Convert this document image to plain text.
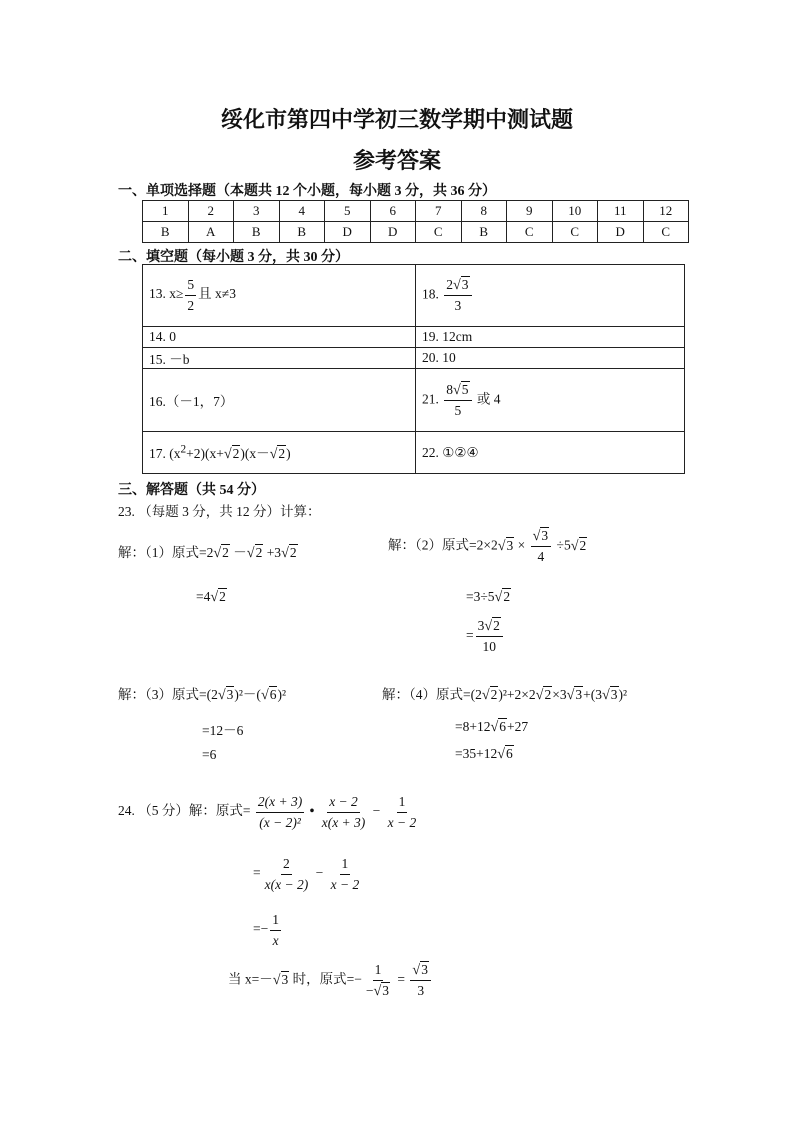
绥化市第四中学初三数学期中测试题
参考答案
一、单项选择题（本题共 12 个小题，每小题 3 分，共 36 分）
1	2	3	4	5	6	7	8	9	10	11	12
B	A	B	B	D	D	C	B	C	C	D	C
二、填空题（每小题 3 分，共 30 分）
13. $x\ge \frac{5}{2}$ 且 x≠3	18. $\frac{2√3}{3}$

14. 0	19. 12cm
15. －b	20. 10
16.（－1，7）	21. $\frac{8√5}{5}$ 或 4
17. $(x^2+2)(x+√2)(x-√2)$	22. ①②④
三、解答题（共 54 分）
23. （每题 3 分，共 12 分）计算：
解：（1）原式=2√2 －√2 +3√2
=4√2
解：（2）原式$=2\times 2√3 \times \frac{√3}{4} \div 5√2$
=3÷5√2
= $\frac{3√2}{10}$
解：（3）原式=(2√3)²－(√6)²
=12－6
=6
解：（4）原式=(2√2)²+2×2√2×3√3+(3√3)²
=8+12√6+27
=35+12√6
24. （5 分）解：原式= $\frac{2(x + 3)}{\text{(x − 2)²}}$ • $\frac{x - 2}{x(x + 3)} - \frac{1}{x - 2}$
= $\frac{2}{x(x - 2)} - \frac{1}{x - 2}$
=− $\frac{1}{x}$
当 x=－√3 时，原式=− $\frac{1}{-√3} = \frac{√3}{3}$
